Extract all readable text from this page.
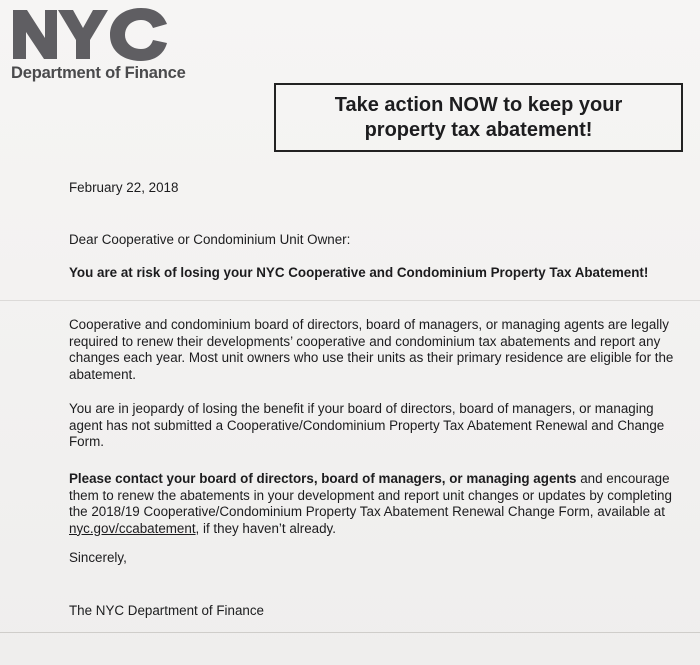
Department of Finance
Take action NOW to keep your property tax abatement!
February 22, 2018
Dear Cooperative or Condominium Unit Owner:
You are at risk of losing your NYC Cooperative and Condominium Property Tax Abatement!
Cooperative and condominium board of directors, board of managers, or managing agents are legally required to renew their developments’ cooperative and condominium tax abatements and report any changes each year. Most unit owners who use their units as their primary residence are eligible for the abatement.
You are in jeopardy of losing the benefit if your board of directors, board of managers, or managing agent has not submitted a Cooperative/Condominium Property Tax Abatement Renewal and Change Form.
Please contact your board of directors, board of managers, or managing agents and encourage them to renew the abatements in your development and report unit changes or updates by completing the 2018/19 Cooperative/Condominium Property Tax Abatement Renewal Change Form, available at nyc.gov/ccabatement, if they haven’t already.
Sincerely,
The NYC Department of Finance
